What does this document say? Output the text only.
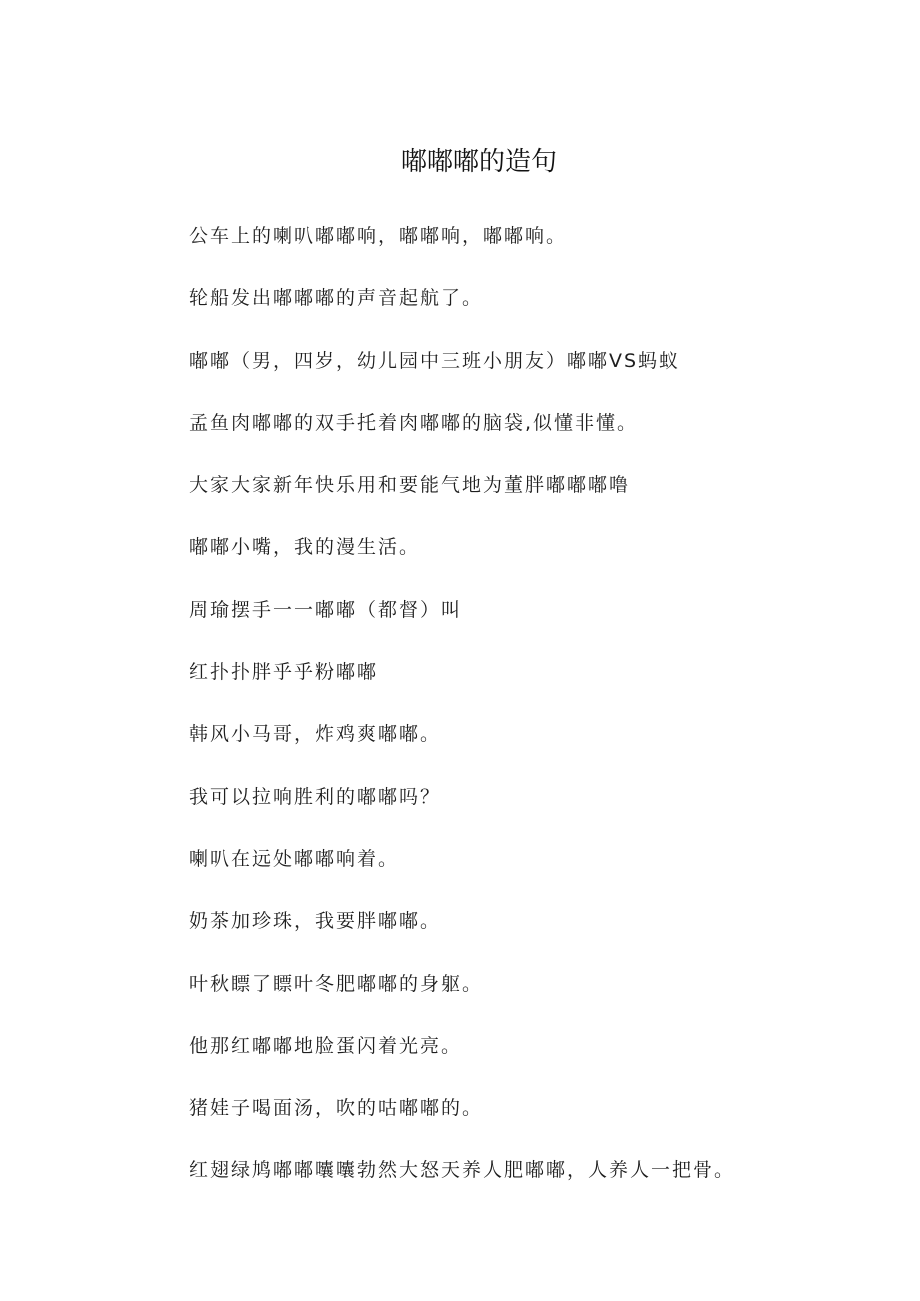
嘟嘟嘟的造句
公车上的喇叭嘟嘟响，嘟嘟响，嘟嘟响。
轮船发出嘟嘟嘟的声音起航了。
嘟嘟（男，四岁，幼儿园中三班小朋友）嘟嘟VS蚂蚁
孟鱼肉嘟嘟的双手托着肉嘟嘟的脑袋,似懂非懂。
大家大家新年快乐用和要能气地为董胖嘟嘟嘟噜
嘟嘟小嘴，我的漫生活。
周瑜摆手一一嘟嘟（都督）叫
红扑扑胖乎乎粉嘟嘟
韩风小马哥，炸鸡爽嘟嘟。
我可以拉响胜利的嘟嘟吗？
喇叭在远处嘟嘟响着。
奶茶加珍珠，我要胖嘟嘟。
叶秋瞟了瞟叶冬肥嘟嘟的身躯。
他那红嘟嘟地脸蛋闪着光亮。
猪娃子喝面汤，吹的咕嘟嘟的。
红翅绿鸠嘟嘟囔囔勃然大怒天养人肥嘟嘟，人养人一把骨。
